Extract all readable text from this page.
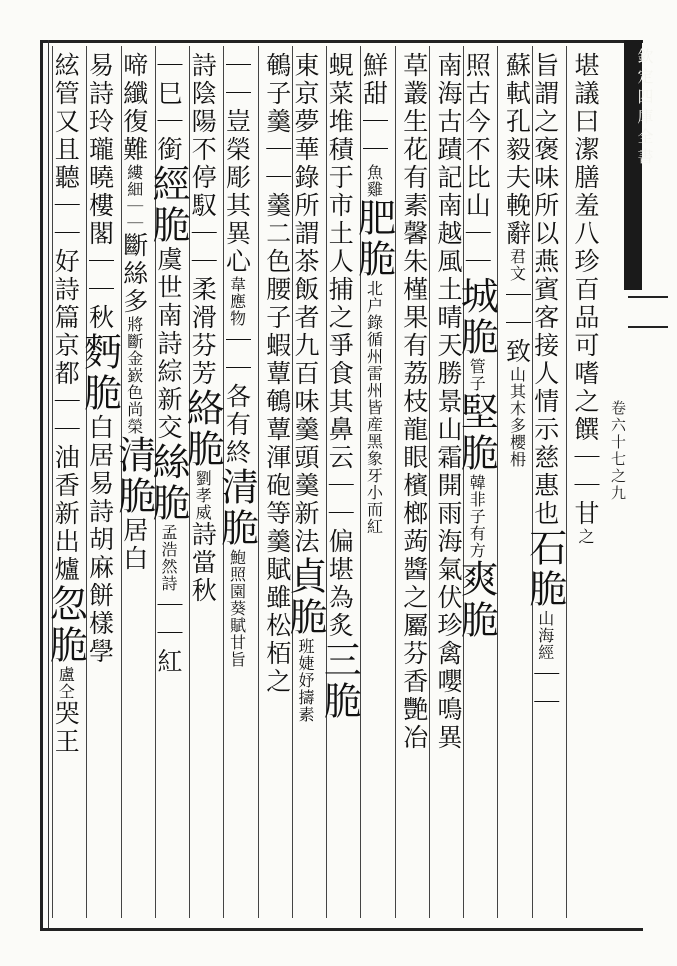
欽定四庫全書
卷六十七之九
堪議曰潔膳羞八珍百品可嗜之饌｜｜甘之
旨謂之褒味所以燕賓客接人情示慈惠也石脆山海經｜｜
蘇軾孔毅夫輓辭君文｜｜致山其木多櫻枏
照古今不比山｜｜城脆管子堅脆韓非子有方爽脆
南海古蹟記南越風土晴天勝景山霜開雨海氣伏珍禽嚶鳴異
草叢生花有素馨朱槿果有荔枝龍眼檳榔蒟醬之屬芬香艷冶
鮮甜｜｜魚雞肥脆北户錄循州雷州皆産黑象牙小而紅
蜆菜堆積于市土人捕之爭食其鼻云｜｜偏堪為炙三脆
東京夢華錄所謂茶飯者九百味羹頭羹新法貞脆班婕妤擣素
鵪子羹｜｜羹二色腰子蝦蕈鵪蕈渾砲等羹賦雖松栢之
｜｜豈榮彫其異心韋應物｜｜各有終清脆鮑照園葵賦甘旨
詩陰陽不停馭｜｜柔滑芬芳絡脆劉孝威詩當秋
｜巳｜銜經脆虞世南詩綜新交絲脆孟浩然詩｜｜紅
啼纖復難縷細｜｜斷絲多將斷金嶔色尚榮清脆居白
易詩玲瓏曉樓閣｜｜秋麪脆白居易詩胡麻餅樣學
絃管又且聽｜｜好詩篇京都｜｜油香新出爐忽脆盧仝哭王
